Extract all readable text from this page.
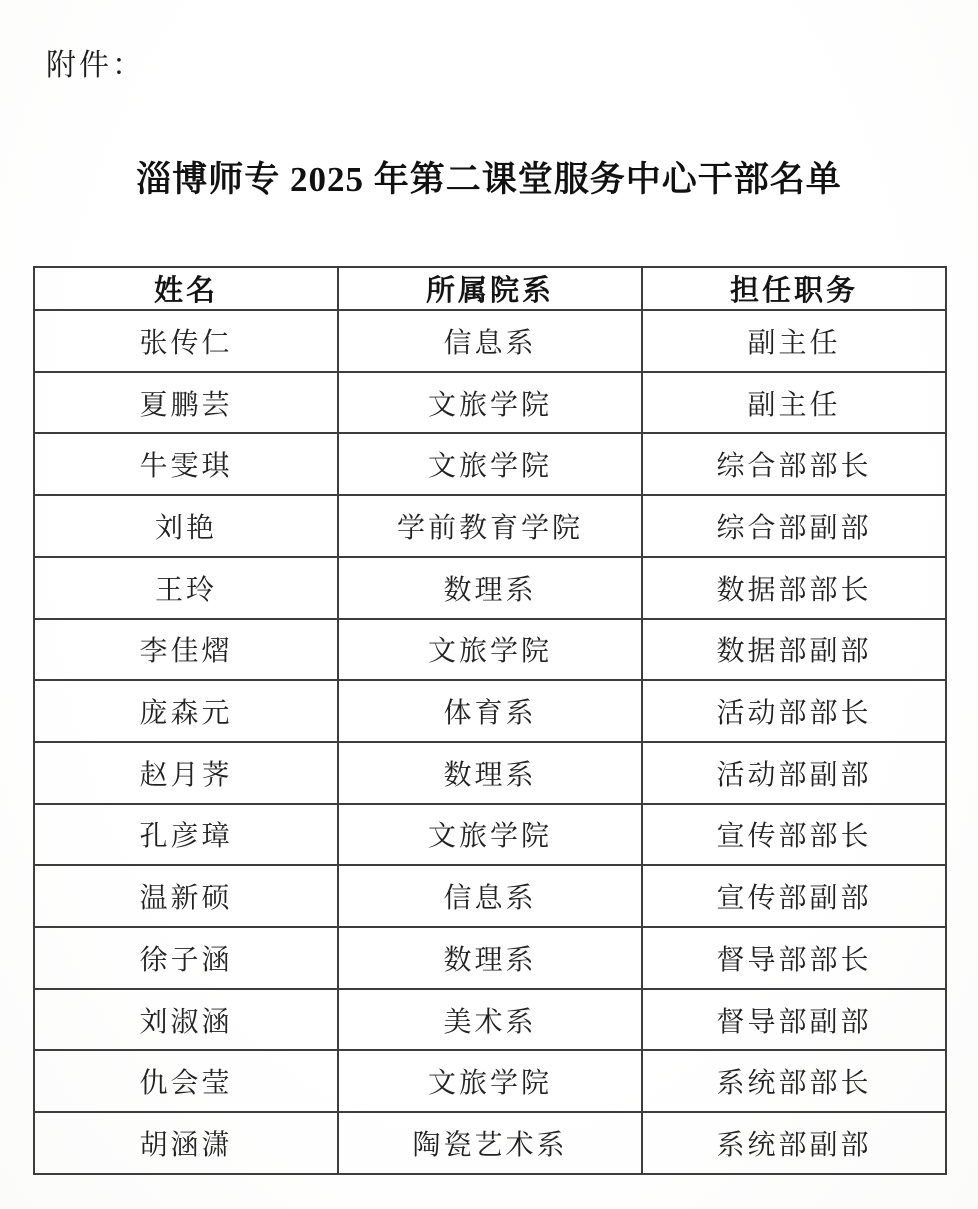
附件：
淄博师专 2025 年第二课堂服务中心干部名单
姓名	所属院系	担任职务
张传仁	信息系	副主任
夏鹏芸	文旅学院	副主任
牛雯琪	文旅学院	综合部部长
刘艳	学前教育学院	综合部副部
王玲	数理系	数据部部长
李佳熠	文旅学院	数据部副部
庞森元	体育系	活动部部长
赵月荠	数理系	活动部副部
孔彦璋	文旅学院	宣传部部长
温新硕	信息系	宣传部副部
徐子涵	数理系	督导部部长
刘淑涵	美术系	督导部副部
仇会莹	文旅学院	系统部部长
胡涵潇	陶瓷艺术系	系统部副部
